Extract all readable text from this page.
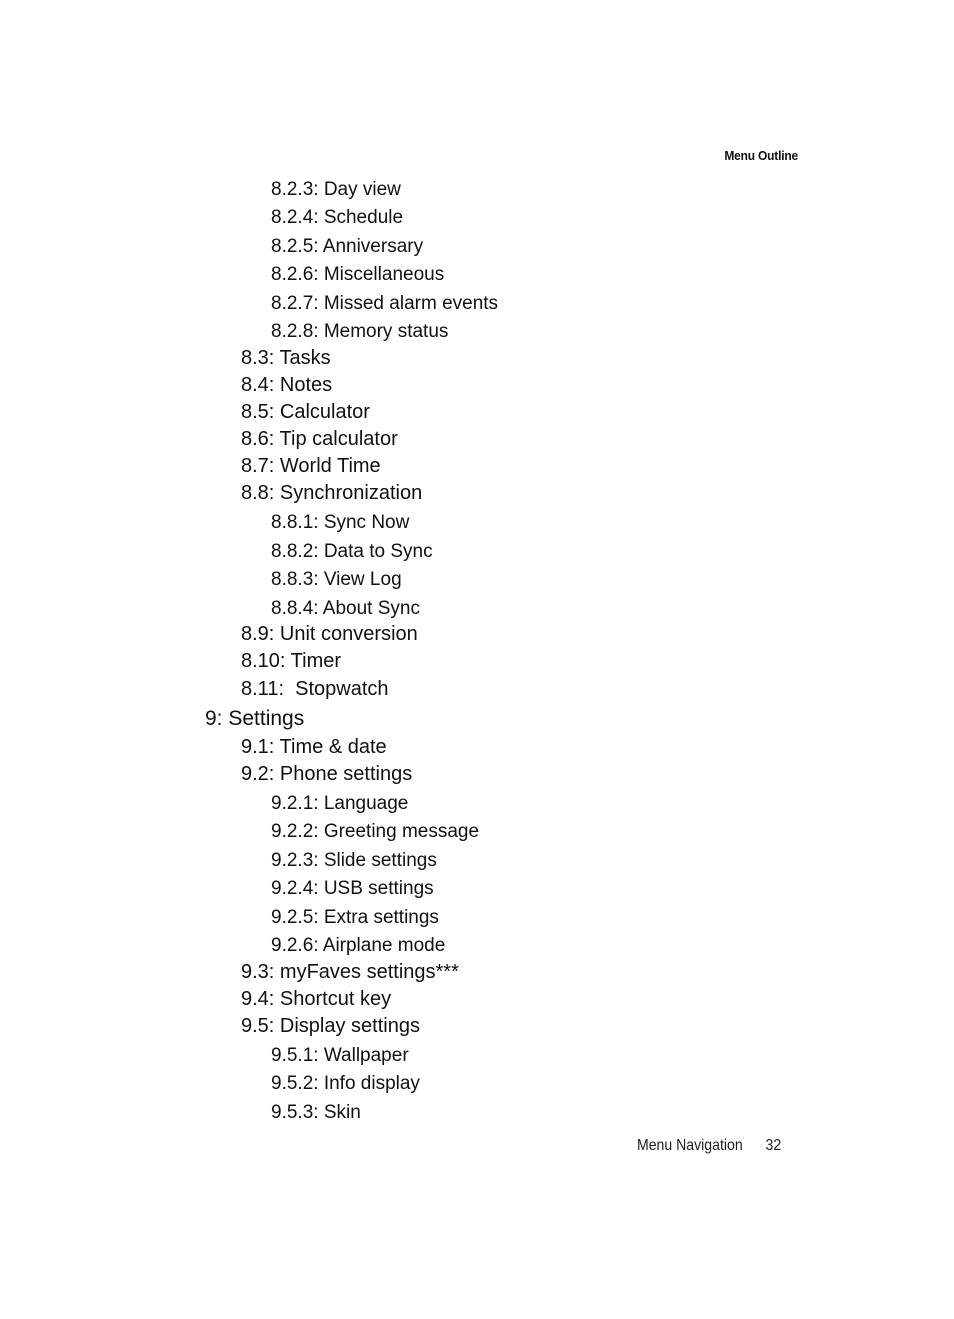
Menu Outline
8.2.3: Day view
8.2.4: Schedule
8.2.5: Anniversary
8.2.6: Miscellaneous
8.2.7: Missed alarm events
8.2.8: Memory status
8.3: Tasks
8.4: Notes
8.5: Calculator
8.6: Tip calculator
8.7: World Time
8.8: Synchronization
8.8.1: Sync Now
8.8.2: Data to Sync
8.8.3: View Log
8.8.4: About Sync
8.9: Unit conversion
8.10: Timer
8.11:  Stopwatch
9: Settings
9.1: Time & date
9.2: Phone settings
9.2.1: Language
9.2.2: Greeting message
9.2.3: Slide settings
9.2.4: USB settings
9.2.5: Extra settings
9.2.6: Airplane mode
9.3: myFaves settings***
9.4: Shortcut key
9.5: Display settings
9.5.1: Wallpaper
9.5.2: Info display
9.5.3: Skin
Menu Navigation 32
